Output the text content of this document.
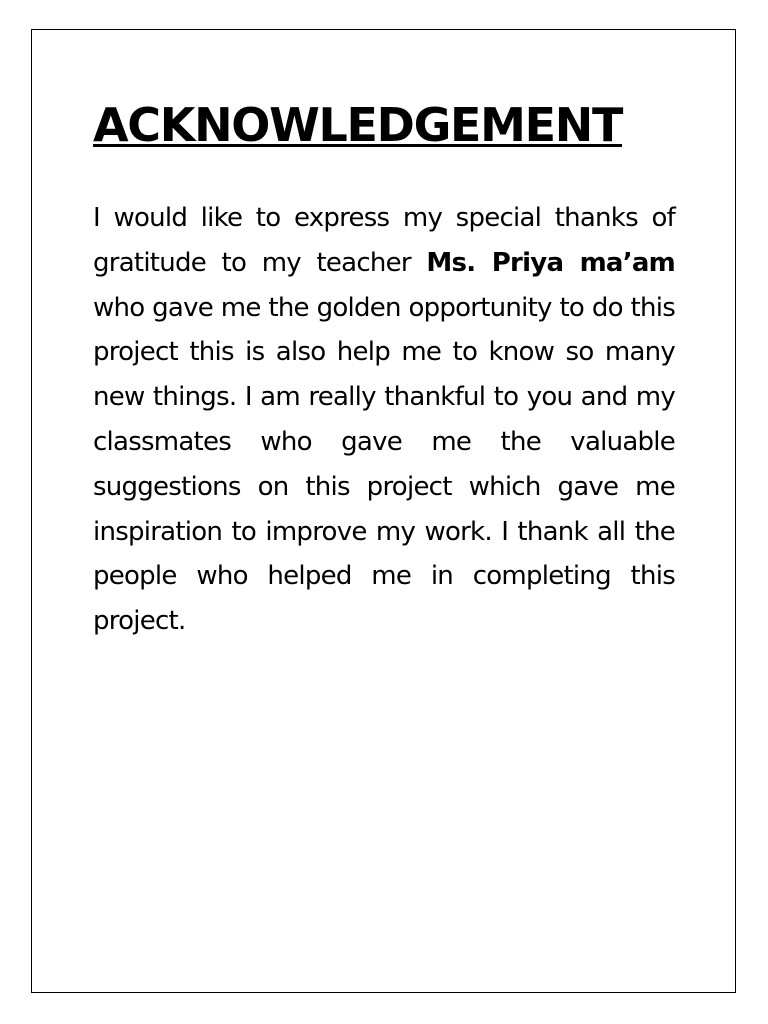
ACKNOWLEDGEMENT

I would like to express my special thanks of gratitude to my teacher Ms. Priya ma’am who gave me the golden opportunity to do this project this is also help me to know so many new things. I am really thankful to you and my classmates who gave me the valuable suggestions on this project which gave me inspiration to improve my work. I thank all the people who helped me in completing this project.
